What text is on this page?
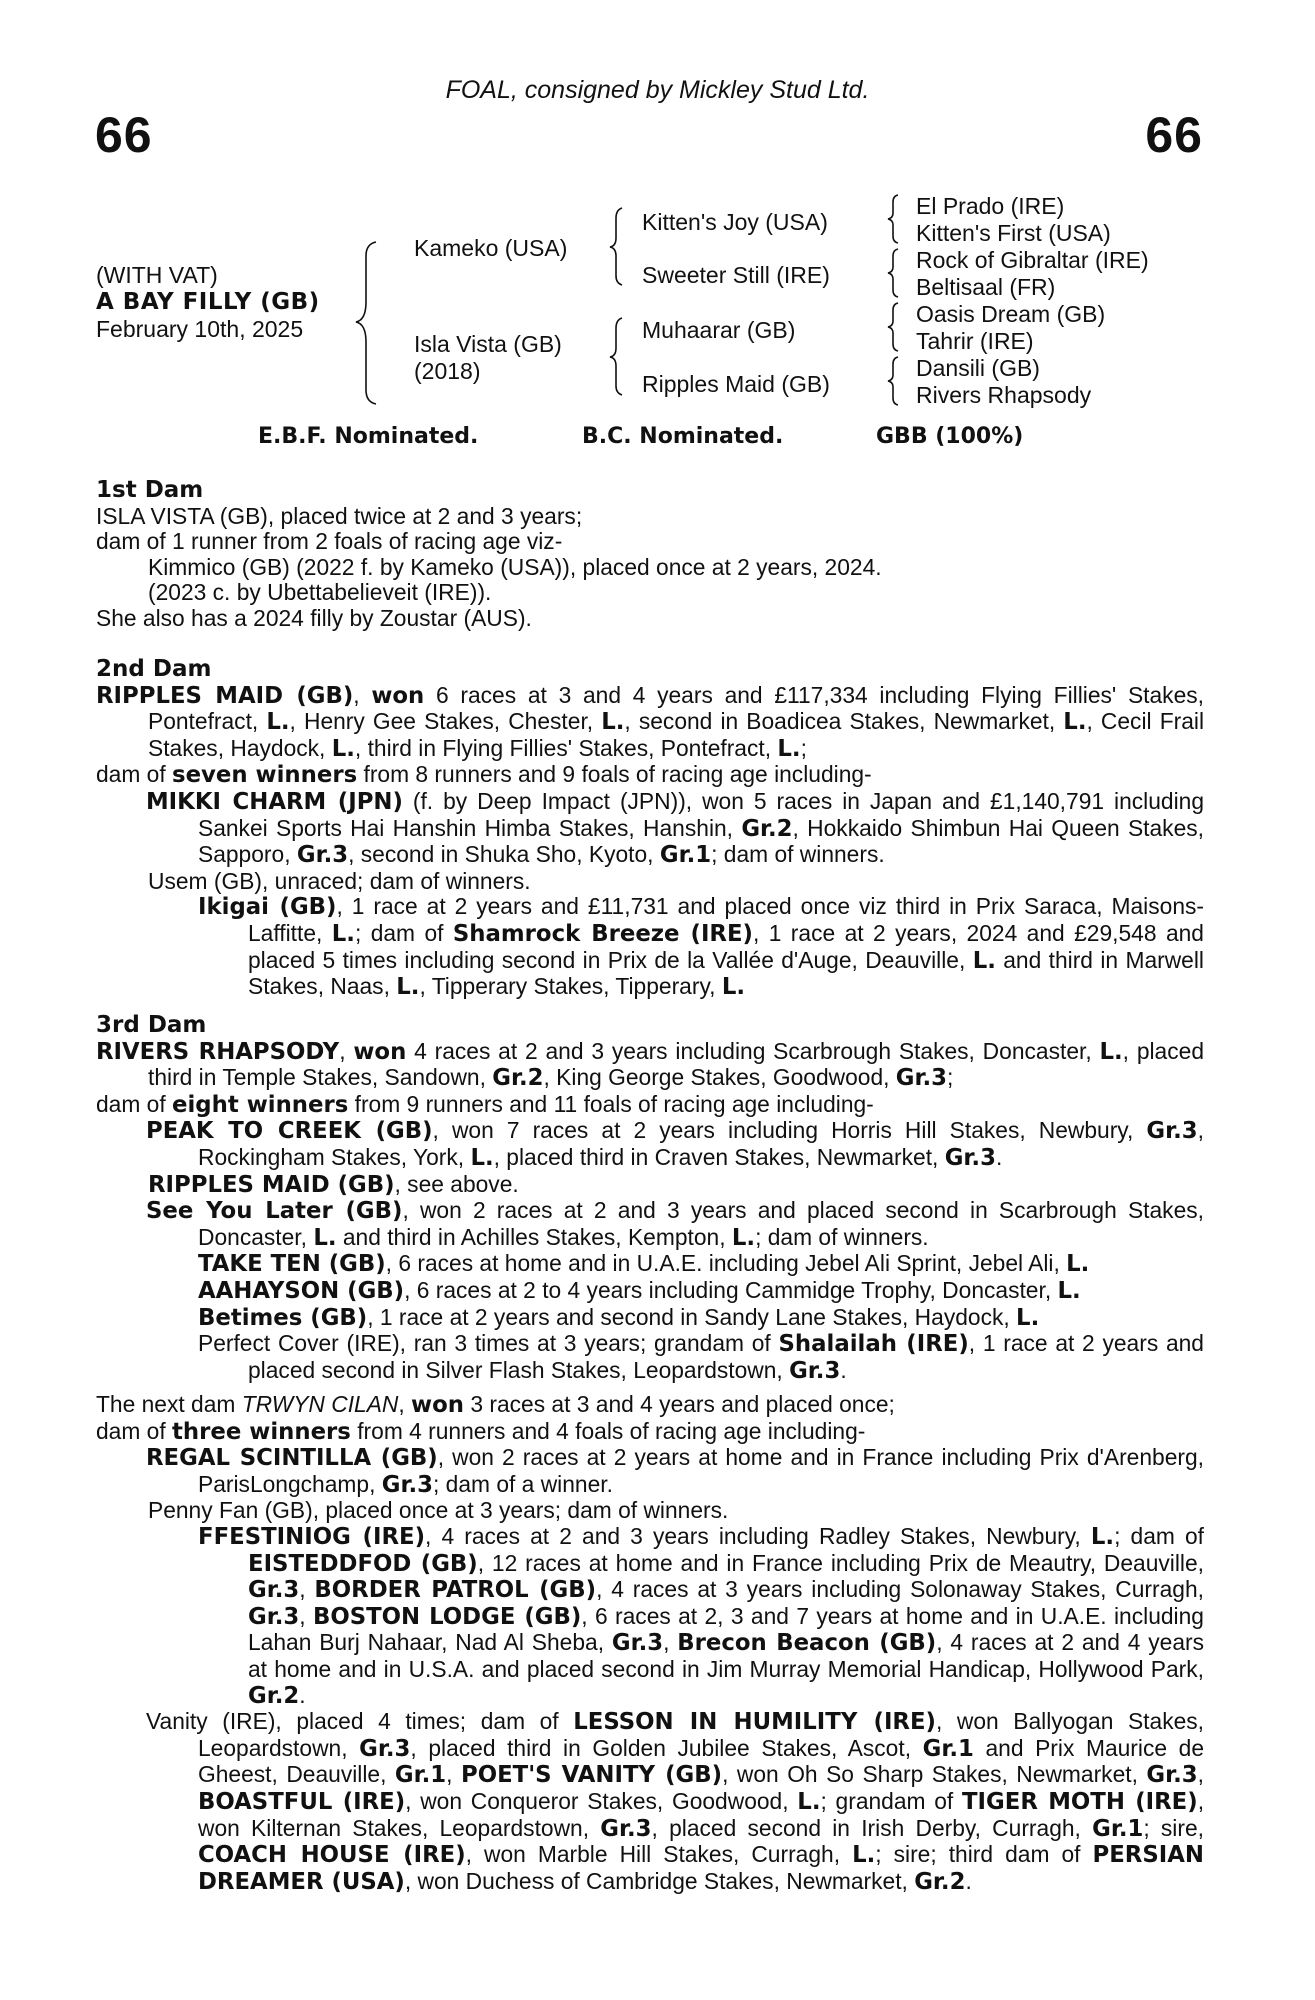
FOAL, consigned by Mickley Stud Ltd.
66	66
(WITH VAT)
A BAY FILLY (GB)
February 10th, 2025
Kameko (USA)
Isla Vista (GB)
(2018)
Kitten's Joy (USA)
Sweeter Still (IRE)
Muhaarar (GB)
Ripples Maid (GB)
El Prado (IRE)
Kitten's First (USA)
Rock of Gibraltar (IRE)
Beltisaal (FR)
Oasis Dream (GB)
Tahrir (IRE)
Dansili (GB)
Rivers Rhapsody
E.B.F. Nominated.	B.C. Nominated.	GBB (100%)

1st Dam

ISLA VISTA (GB), placed twice at 2 and 3 years;

dam of 1 runner from 2 foals of racing age viz-

Kimmico (GB) (2022 f. by Kameko (USA)), placed once at 2 years, 2024.

(2023 c. by Ubettabelieveit (IRE)).

She also has a 2024 filly by Zoustar (AUS).

2nd Dam

RIPPLES MAID (GB), won 6 races at 3 and 4 years and £117,334 including Flying Fillies' Stakes, Pontefract, L., Henry Gee Stakes, Chester, L., second in Boadicea Stakes, Newmarket, L., Cecil Frail Stakes, Haydock, L., third in Flying Fillies' Stakes, Pontefract, L.;

dam of seven winners from 8 runners and 9 foals of racing age including-

MIKKI CHARM (JPN) (f. by Deep Impact (JPN)), won 5 races in Japan and £1,140,791 including Sankei Sports Hai Hanshin Himba Stakes, Hanshin, Gr.2, Hokkaido Shimbun Hai Queen Stakes, Sapporo, Gr.3, second in Shuka Sho, Kyoto, Gr.1; dam of winners.

Usem (GB), unraced; dam of winners.

Ikigai (GB), 1 race at 2 years and £11,731 and placed once viz third in Prix Saraca, Maisons-Laffitte, L.; dam of Shamrock Breeze (IRE), 1 race at 2 years, 2024 and £29,548 and placed 5 times including second in Prix de la Vallée d'Auge, Deauville, L. and third in Marwell Stakes, Naas, L., Tipperary Stakes, Tipperary, L.

3rd Dam

RIVERS RHAPSODY, won 4 races at 2 and 3 years including Scarbrough Stakes, Doncaster, L., placed third in Temple Stakes, Sandown, Gr.2, King George Stakes, Goodwood, Gr.3;

dam of eight winners from 9 runners and 11 foals of racing age including-

PEAK TO CREEK (GB), won 7 races at 2 years including Horris Hill Stakes, Newbury, Gr.3, Rockingham Stakes, York, L., placed third in Craven Stakes, Newmarket, Gr.3.

RIPPLES MAID (GB), see above.

See You Later (GB), won 2 races at 2 and 3 years and placed second in Scarbrough Stakes, Doncaster, L. and third in Achilles Stakes, Kempton, L.; dam of winners.

TAKE TEN (GB), 6 races at home and in U.A.E. including Jebel Ali Sprint, Jebel Ali, L.

AAHAYSON (GB), 6 races at 2 to 4 years including Cammidge Trophy, Doncaster, L.

Betimes (GB), 1 race at 2 years and second in Sandy Lane Stakes, Haydock, L.

Perfect Cover (IRE), ran 3 times at 3 years; grandam of Shalailah (IRE), 1 race at 2 years and placed second in Silver Flash Stakes, Leopardstown, Gr.3.

The next dam TRWYN CILAN, won 3 races at 3 and 4 years and placed once;

dam of three winners from 4 runners and 4 foals of racing age including-

REGAL SCINTILLA (GB), won 2 races at 2 years at home and in France including Prix d'Arenberg, ParisLongchamp, Gr.3; dam of a winner.

Penny Fan (GB), placed once at 3 years; dam of winners.

FFESTINIOG (IRE), 4 races at 2 and 3 years including Radley Stakes, Newbury, L.; dam of EISTEDDFOD (GB), 12 races at home and in France including Prix de Meautry, Deauville, Gr.3, BORDER PATROL (GB), 4 races at 3 years including Solonaway Stakes, Curragh, Gr.3, BOSTON LODGE (GB), 6 races at 2, 3 and 7 years at home and in U.A.E. including Lahan Burj Nahaar, Nad Al Sheba, Gr.3, Brecon Beacon (GB), 4 races at 2 and 4 years at home and in U.S.A. and placed second in Jim Murray Memorial Handicap, Hollywood Park, Gr.2.

Vanity (IRE), placed 4 times; dam of LESSON IN HUMILITY (IRE), won Ballyogan Stakes, Leopardstown, Gr.3, placed third in Golden Jubilee Stakes, Ascot, Gr.1 and Prix Maurice de Gheest, Deauville, Gr.1, POET'S VANITY (GB), won Oh So Sharp Stakes, Newmarket, Gr.3, BOASTFUL (IRE), won Conqueror Stakes, Goodwood, L.; grandam of TIGER MOTH (IRE), won Kilternan Stakes, Leopardstown, Gr.3, placed second in Irish Derby, Curragh, Gr.1; sire, COACH HOUSE (IRE), won Marble Hill Stakes, Curragh, L.; sire; third dam of PERSIAN DREAMER (USA), won Duchess of Cambridge Stakes, Newmarket, Gr.2.
